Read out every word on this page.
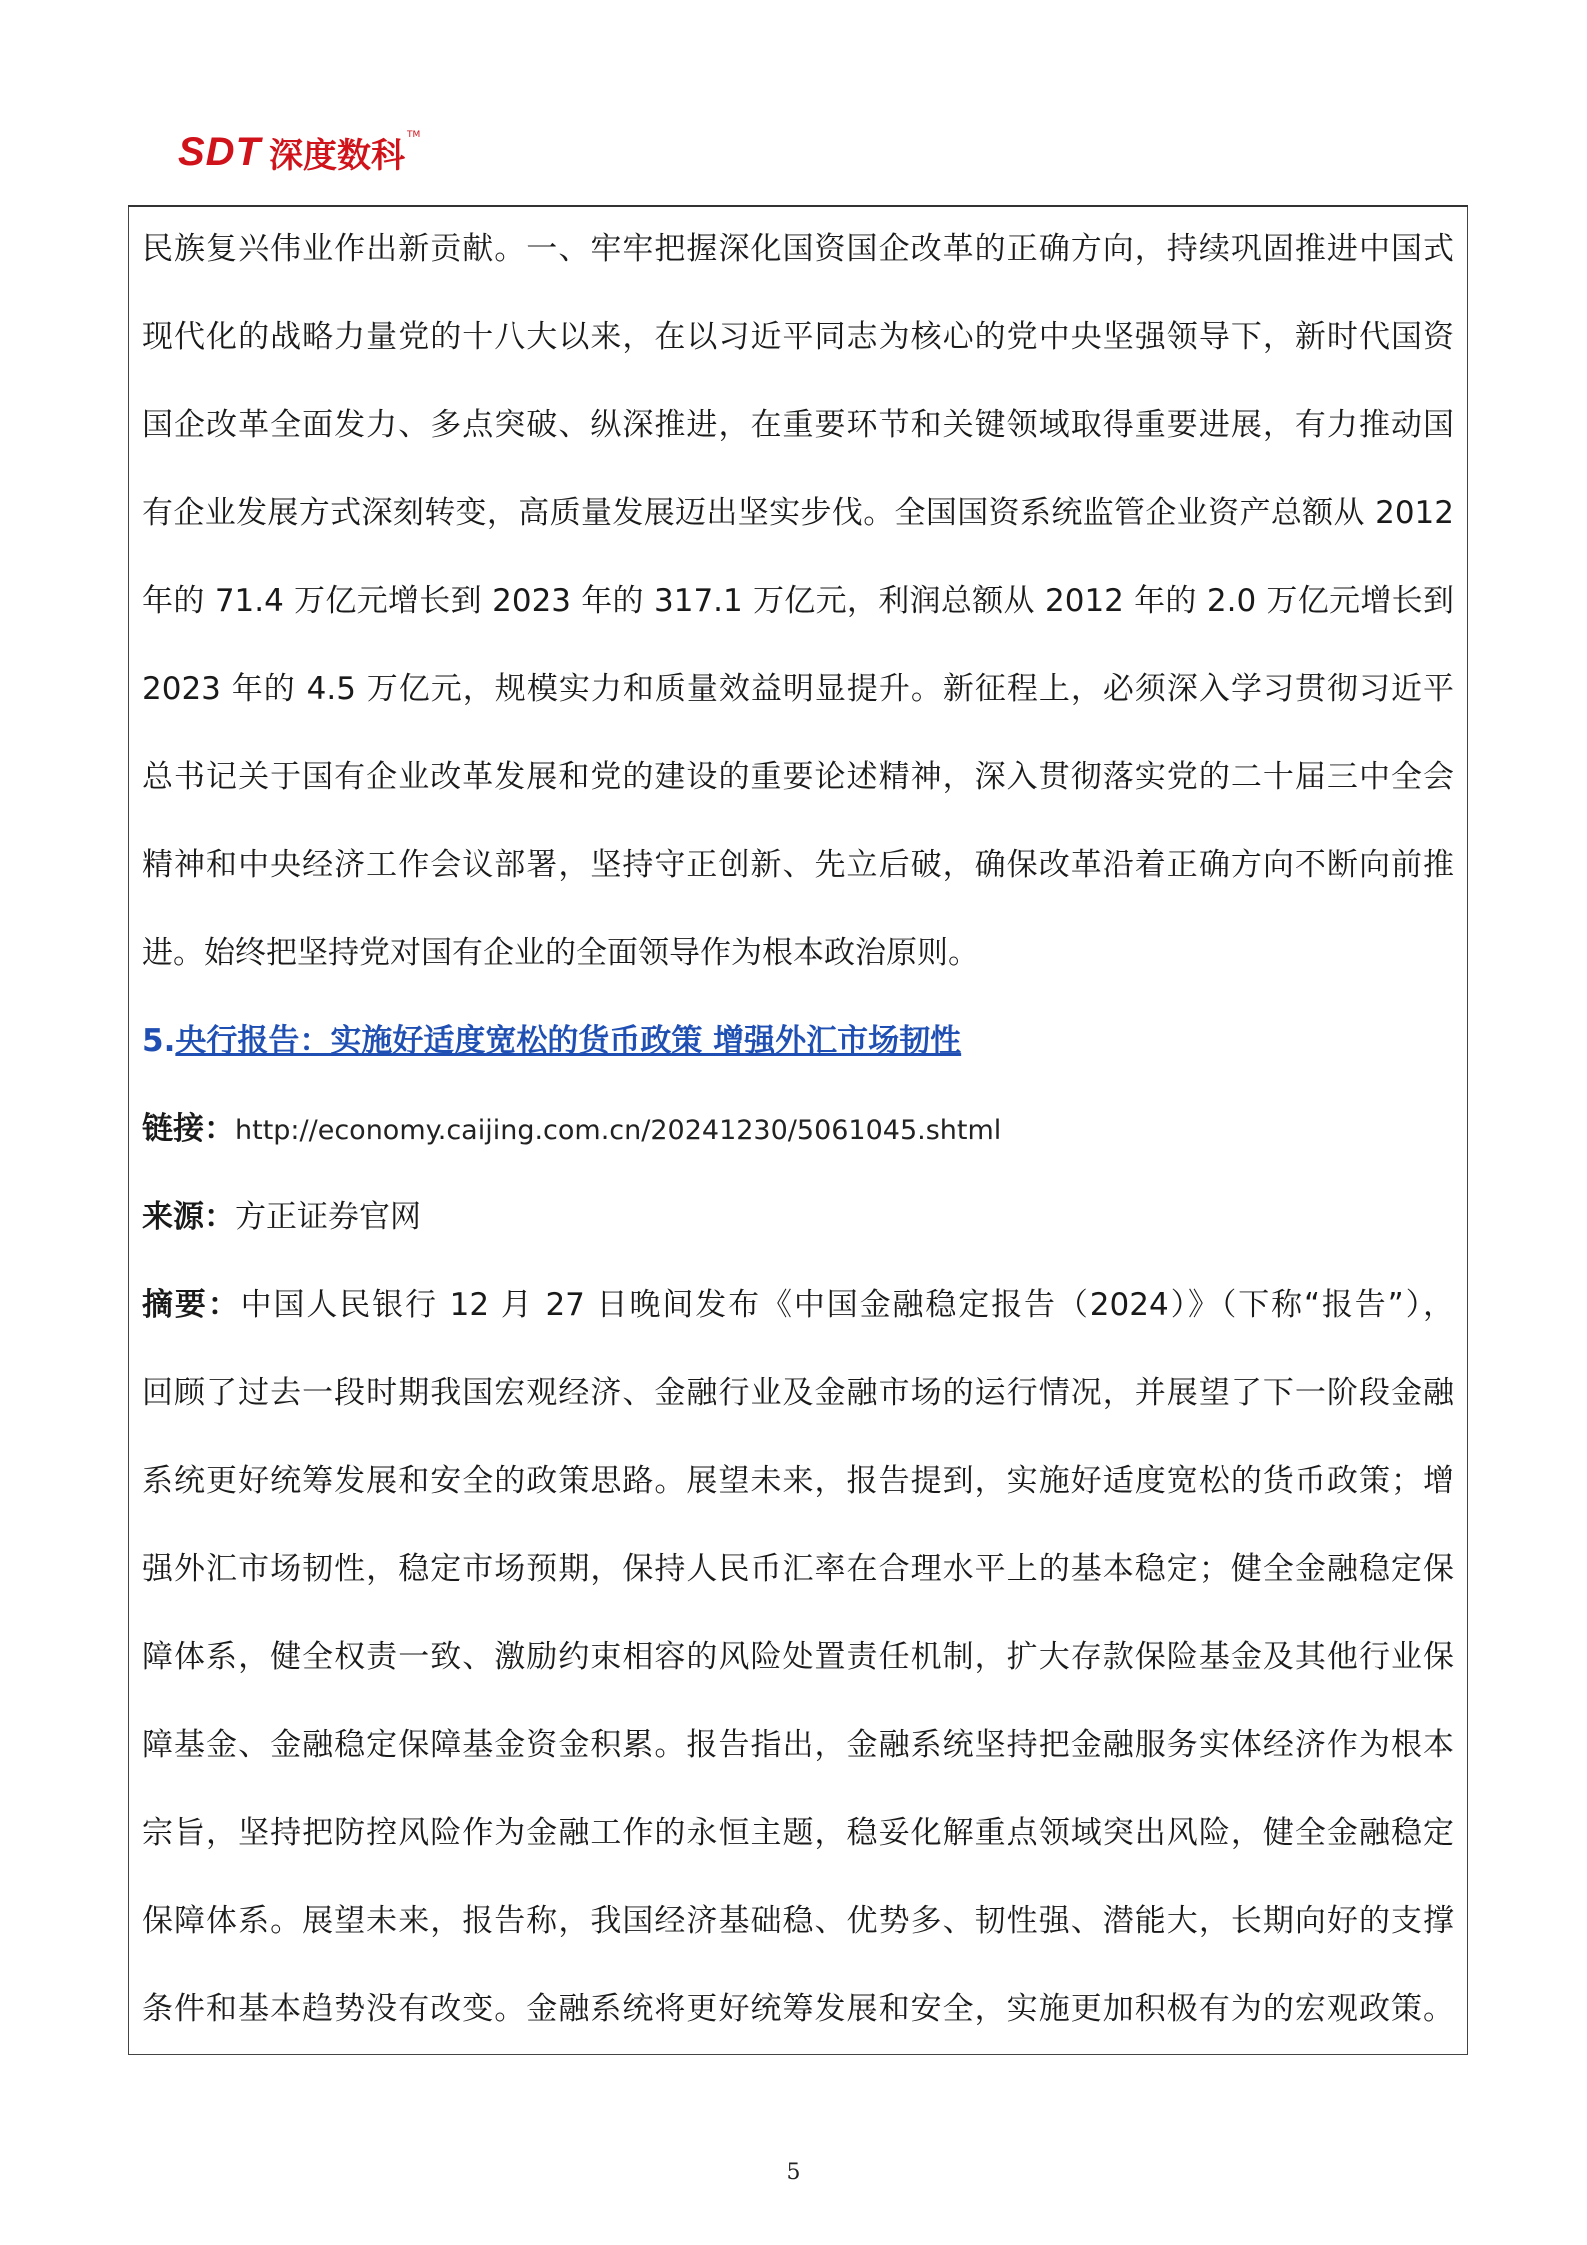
SDT 深度数科
TM
民族复兴伟业作出新贡献。一、牢牢把握深化国资国企改革的正确方向，持续巩固推进中国式
现代化的战略力量党的十八大以来，在以习近平同志为核心的党中央坚强领导下，新时代国资
国企改革全面发力、多点突破、纵深推进，在重要环节和关键领域取得重要进展，有力推动国
有企业发展方式深刻转变，高质量发展迈出坚实步伐。全国国资系统监管企业资产总额从 2012
年的 71.4 万亿元增长到 2023 年的 317.1 万亿元，利润总额从 2012 年的 2.0 万亿元增长到
2023 年的 4.5 万亿元，规模实力和质量效益明显提升。新征程上，必须深入学习贯彻习近平
总书记关于国有企业改革发展和党的建设的重要论述精神，深入贯彻落实党的二十届三中全会
精神和中央经济工作会议部署，坚持守正创新、先立后破，确保改革沿着正确方向不断向前推
进。始终把坚持党对国有企业的全面领导作为根本政治原则。
5.央行报告：实施好适度宽松的货币政策 增强外汇市场韧性
链接：http://economy.caijing.com.cn/20241230/5061045.shtml
来源：方正证券官网
摘要：中国人民银行 12 月 27 日晚间发布《中国金融稳定报告（2024）》（下称“报告”），
回顾了过去一段时期我国宏观经济、金融行业及金融市场的运行情况，并展望了下一阶段金融
系统更好统筹发展和安全的政策思路。展望未来，报告提到，实施好适度宽松的货币政策；增
强外汇市场韧性，稳定市场预期，保持人民币汇率在合理水平上的基本稳定；健全金融稳定保
障体系，健全权责一致、激励约束相容的风险处置责任机制，扩大存款保险基金及其他行业保
障基金、金融稳定保障基金资金积累。报告指出，金融系统坚持把金融服务实体经济作为根本
宗旨，坚持把防控风险作为金融工作的永恒主题，稳妥化解重点领域突出风险，健全金融稳定
保障体系。展望未来，报告称，我国经济基础稳、优势多、韧性强、潜能大，长期向好的支撑
条件和基本趋势没有改变。金融系统将更好统筹发展和安全，实施更加积极有为的宏观政策。
5
